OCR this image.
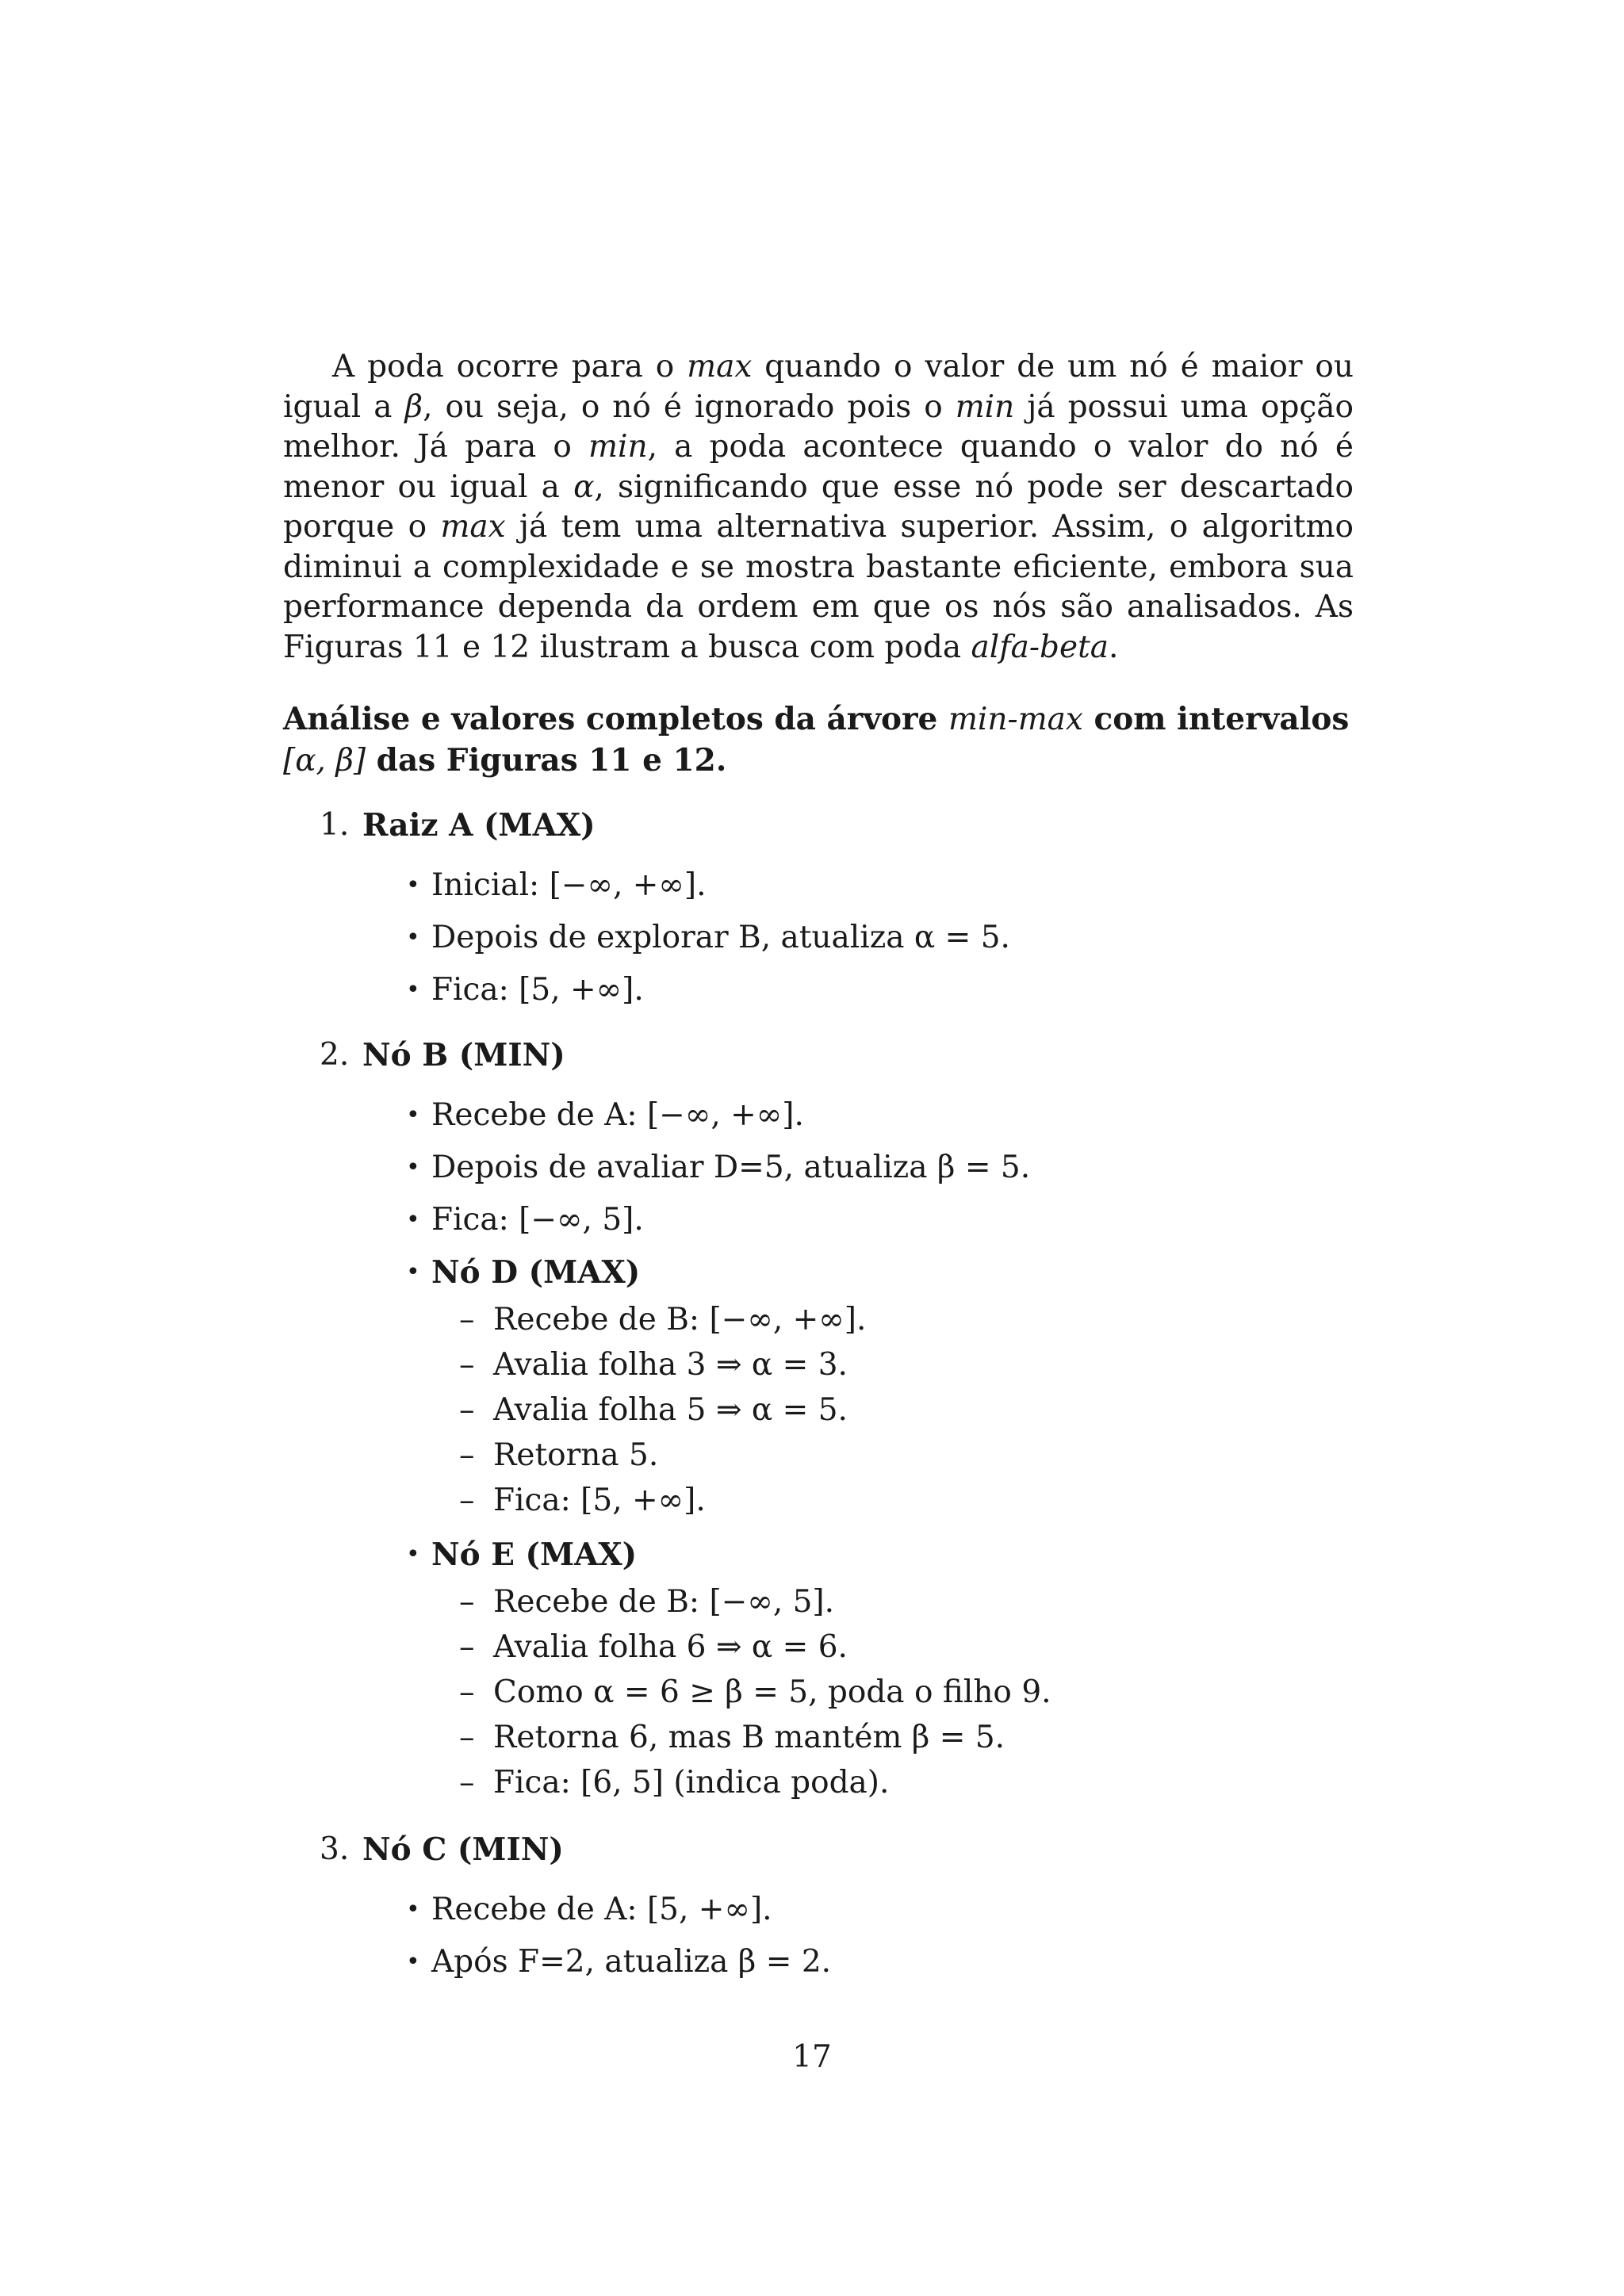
A poda ocorre para o max quando o valor de um nó é maior ou igual a β, ou seja, o nó é ignorado pois o min já possui uma opção melhor. Já para o min, a poda acontece quando o valor do nó é menor ou igual a α, significando que esse nó pode ser descartado porque o max já tem uma alternativa superior. Assim, o algoritmo diminui a complexidade e se mostra bastante eficiente, embora sua performance dependa da ordem em que os nós são analisados. As Figuras 11 e 12 ilustram a busca com poda alfa-beta.

Análise e valores completos da árvore min-max com intervalos [α, β] das Figuras 11 e 12.

1. Raiz A (MAX)
• Inicial: [−∞, +∞].
• Depois de explorar B, atualiza α = 5.
• Fica: [5, +∞].
2. Nó B (MIN)
• Recebe de A: [−∞, +∞].
• Depois de avaliar D=5, atualiza β = 5.
• Fica: [−∞, 5].
• Nó D (MAX)
– Recebe de B: [−∞, +∞].
– Avalia folha 3 ⇒ α = 3.
– Avalia folha 5 ⇒ α = 5.
– Retorna 5.
– Fica: [5, +∞].
• Nó E (MAX)
– Recebe de B: [−∞, 5].
– Avalia folha 6 ⇒ α = 6.
– Como α = 6 ≥ β = 5, poda o filho 9.
– Retorna 6, mas B mantém β = 5.
– Fica: [6, 5] (indica poda).
3. Nó C (MIN)
• Recebe de A: [5, +∞].
• Após F=2, atualiza β = 2.
17
